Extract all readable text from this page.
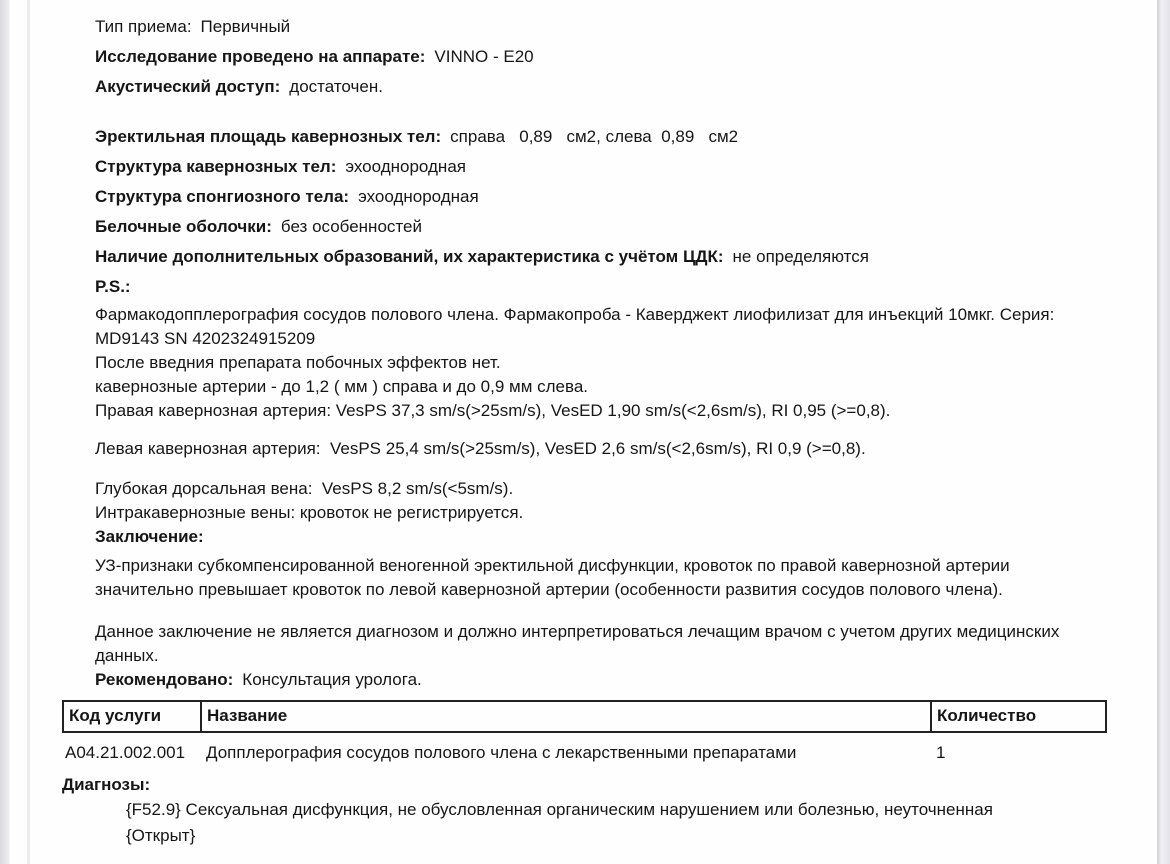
Тип приема: Первичный
Исследование проведено на аппарате: VINNO - E20
Акустический доступ: достаточен.
Эректильная площадь кавернозных тел: справа   0,89   см2, слева  0,89   см2
Структура кавернозных тел: эхооднородная
Структура спонгиозного тела: эхооднородная
Белочные оболочки: без особенностей
Наличие дополнительных образований, их характеристика с учётом ЦДК: не определяются
P.S.:
Фармакодопплерография сосудов полового члена. Фармакопроба - Каверджект лиофилизат для инъекций 10мкг. Серия: MD9143 SN 4202324915209
После введния препарата побочных эффектов нет.
кавернозные артерии - до 1,2 ( мм ) справа и до 0,9 мм слева.
Правая кавернозная артерия: VesPS 37,3 sm/s(>25sm/s), VesED 1,90 sm/s(<2,6sm/s), RI 0,95 (>=0,8).
Левая кавернозная артерия:  VesPS 25,4 sm/s(>25sm/s), VesED 2,6 sm/s(<2,6sm/s), RI 0,9 (>=0,8).
Глубокая дорсальная вена:  VesPS 8,2 sm/s(<5sm/s).
Интракавернозные вены: кровоток не регистрируется.
Заключение:
УЗ-признаки субкомпенсированной веногенной эректильной дисфункции, кровоток по правой кавернозной артерии значительно превышает кровоток по левой кавернозной артерии (особенности развития сосудов полового члена).
Данное заключение не является диагнозом и должно интерпретироваться лечащим врачом с учетом других медицинских данных.
Рекомендовано: Консультация уролога.
Код услуги	Название	Количество
А04.21.002.001	Допплерография сосудов полового члена с лекарственными препаратами	1
Диагнозы:
{F52.9} Сексуальная дисфункция, не обусловленная органическим нарушением или болезнью, неуточненная   {Открыт}
